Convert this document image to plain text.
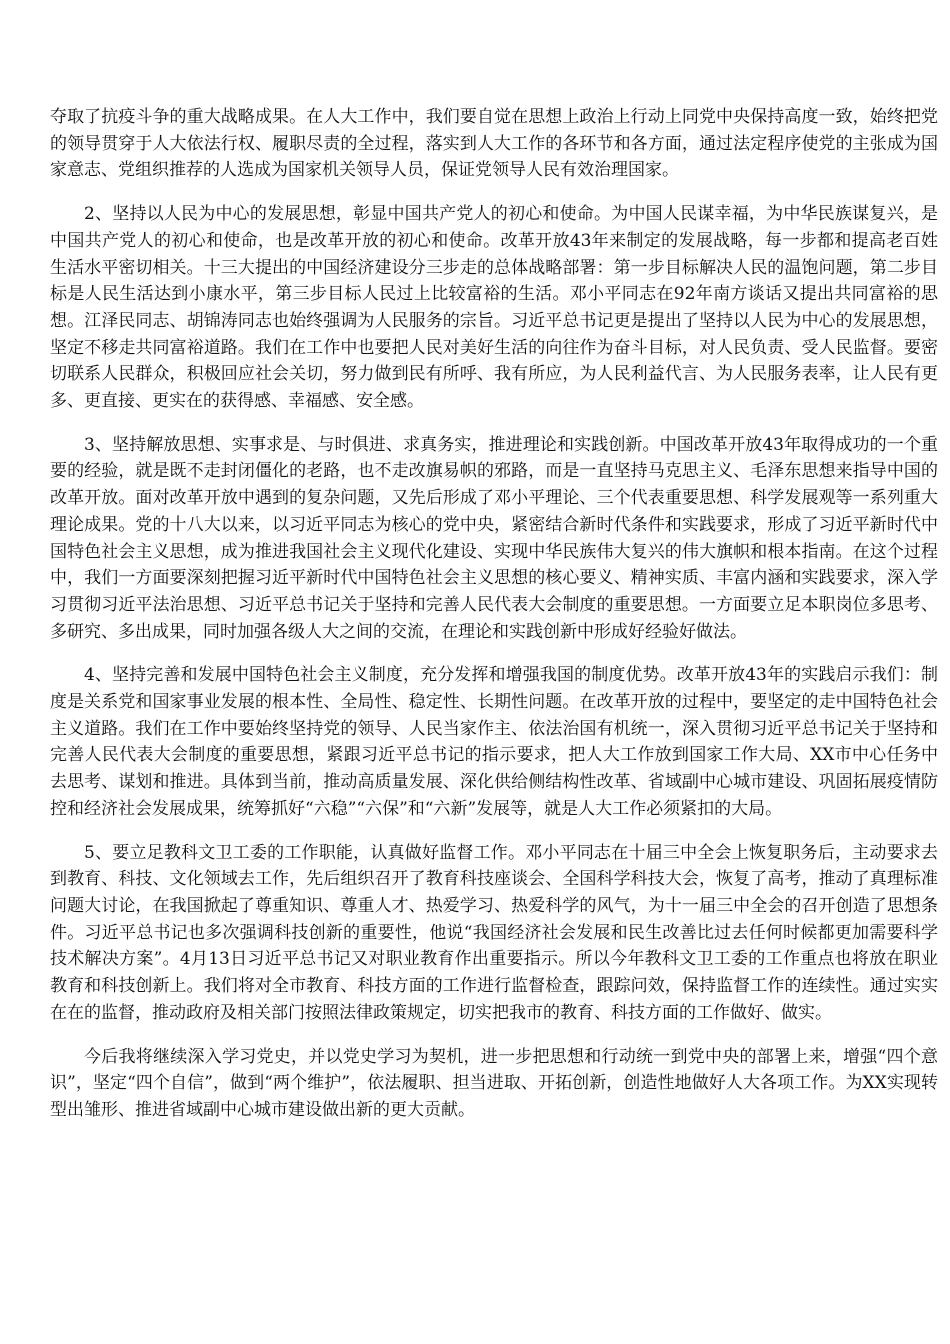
夺取了抗疫斗争的重大战略成果。在人大工作中，我们要自觉在思想上政治上行动上同党中央保持高度一致，始终把党的领导贯穿于人大依法行权、履职尽责的全过程，落实到人大工作的各环节和各方面，通过法定程序使党的主张成为国家意志、党组织推荐的人选成为国家机关领导人员，保证党领导人民有效治理国家。

2、坚持以人民为中心的发展思想，彰显中国共产党人的初心和使命。为中国人民谋幸福，为中华民族谋复兴，是中国共产党人的初心和使命，也是改革开放的初心和使命。改革开放43年来制定的发展战略，每一步都和提高老百姓生活水平密切相关。十三大提出的中国经济建设分三步走的总体战略部署：第一步目标解决人民的温饱问题，第二步目标是人民生活达到小康水平，第三步目标人民过上比较富裕的生活。邓小平同志在92年南方谈话又提出共同富裕的思想。江泽民同志、胡锦涛同志也始终强调为人民服务的宗旨。习近平总书记更是提出了坚持以人民为中心的发展思想，坚定不移走共同富裕道路。我们在工作中也要把人民对美好生活的向往作为奋斗目标，对人民负责、受人民监督。要密切联系人民群众，积极回应社会关切，努力做到民有所呼、我有所应，为人民利益代言、为人民服务表率，让人民有更多、更直接、更实在的获得感、幸福感、安全感。

3、坚持解放思想、实事求是、与时俱进、求真务实，推进理论和实践创新。中国改革开放43年取得成功的一个重要的经验，就是既不走封闭僵化的老路，也不走改旗易帜的邪路，而是一直坚持马克思主义、毛泽东思想来指导中国的改革开放。面对改革开放中遇到的复杂问题，又先后形成了邓小平理论、三个代表重要思想、科学发展观等一系列重大理论成果。党的十八大以来，以习近平同志为核心的党中央，紧密结合新时代条件和实践要求，形成了习近平新时代中国特色社会主义思想，成为推进我国社会主义现代化建设、实现中华民族伟大复兴的伟大旗帜和根本指南。在这个过程中，我们一方面要深刻把握习近平新时代中国特色社会主义思想的核心要义、精神实质、丰富内涵和实践要求，深入学习贯彻习近平法治思想、习近平总书记关于坚持和完善人民代表大会制度的重要思想。一方面要立足本职岗位多思考、多研究、多出成果，同时加强各级人大之间的交流，在理论和实践创新中形成好经验好做法。

4、坚持完善和发展中国特色社会主义制度，充分发挥和增强我国的制度优势。改革开放43年的实践启示我们：制度是关系党和国家事业发展的根本性、全局性、稳定性、长期性问题。在改革开放的过程中，要坚定的走中国特色社会主义道路。我们在工作中要始终坚持党的领导、人民当家作主、依法治国有机统一，深入贯彻习近平总书记关于坚持和完善人民代表大会制度的重要思想，紧跟习近平总书记的指示要求，把人大工作放到国家工作大局、XX市中心任务中去思考、谋划和推进。具体到当前，推动高质量发展、深化供给侧结构性改革、省域副中心城市建设、巩固拓展疫情防控和经济社会发展成果，统筹抓好“六稳”“六保”和“六新”发展等，就是人大工作必须紧扣的大局。

5、要立足教科文卫工委的工作职能，认真做好监督工作。邓小平同志在十届三中全会上恢复职务后，主动要求去到教育、科技、文化领域去工作，先后组织召开了教育科技座谈会、全国科学科技大会，恢复了高考，推动了真理标准问题大讨论，在我国掀起了尊重知识、尊重人才、热爱学习、热爱科学的风气，为十一届三中全会的召开创造了思想条件。习近平总书记也多次强调科技创新的重要性，他说“我国经济社会发展和民生改善比过去任何时候都更加需要科学技术解决方案”。4月13日习近平总书记又对职业教育作出重要指示。所以今年教科文卫工委的工作重点也将放在职业教育和科技创新上。我们将对全市教育、科技方面的工作进行监督检查，跟踪问效，保持监督工作的连续性。通过实实在在的监督，推动政府及相关部门按照法律政策规定，切实把我市的教育、科技方面的工作做好、做实。

今后我将继续深入学习党史，并以党史学习为契机，进一步把思想和行动统一到党中央的部署上来，增强“四个意识”，坚定“四个自信”，做到“两个维护”，依法履职、担当进取、开拓创新，创造性地做好人大各项工作。为XX实现转型出雏形、推进省域副中心城市建设做出新的更大贡献。
